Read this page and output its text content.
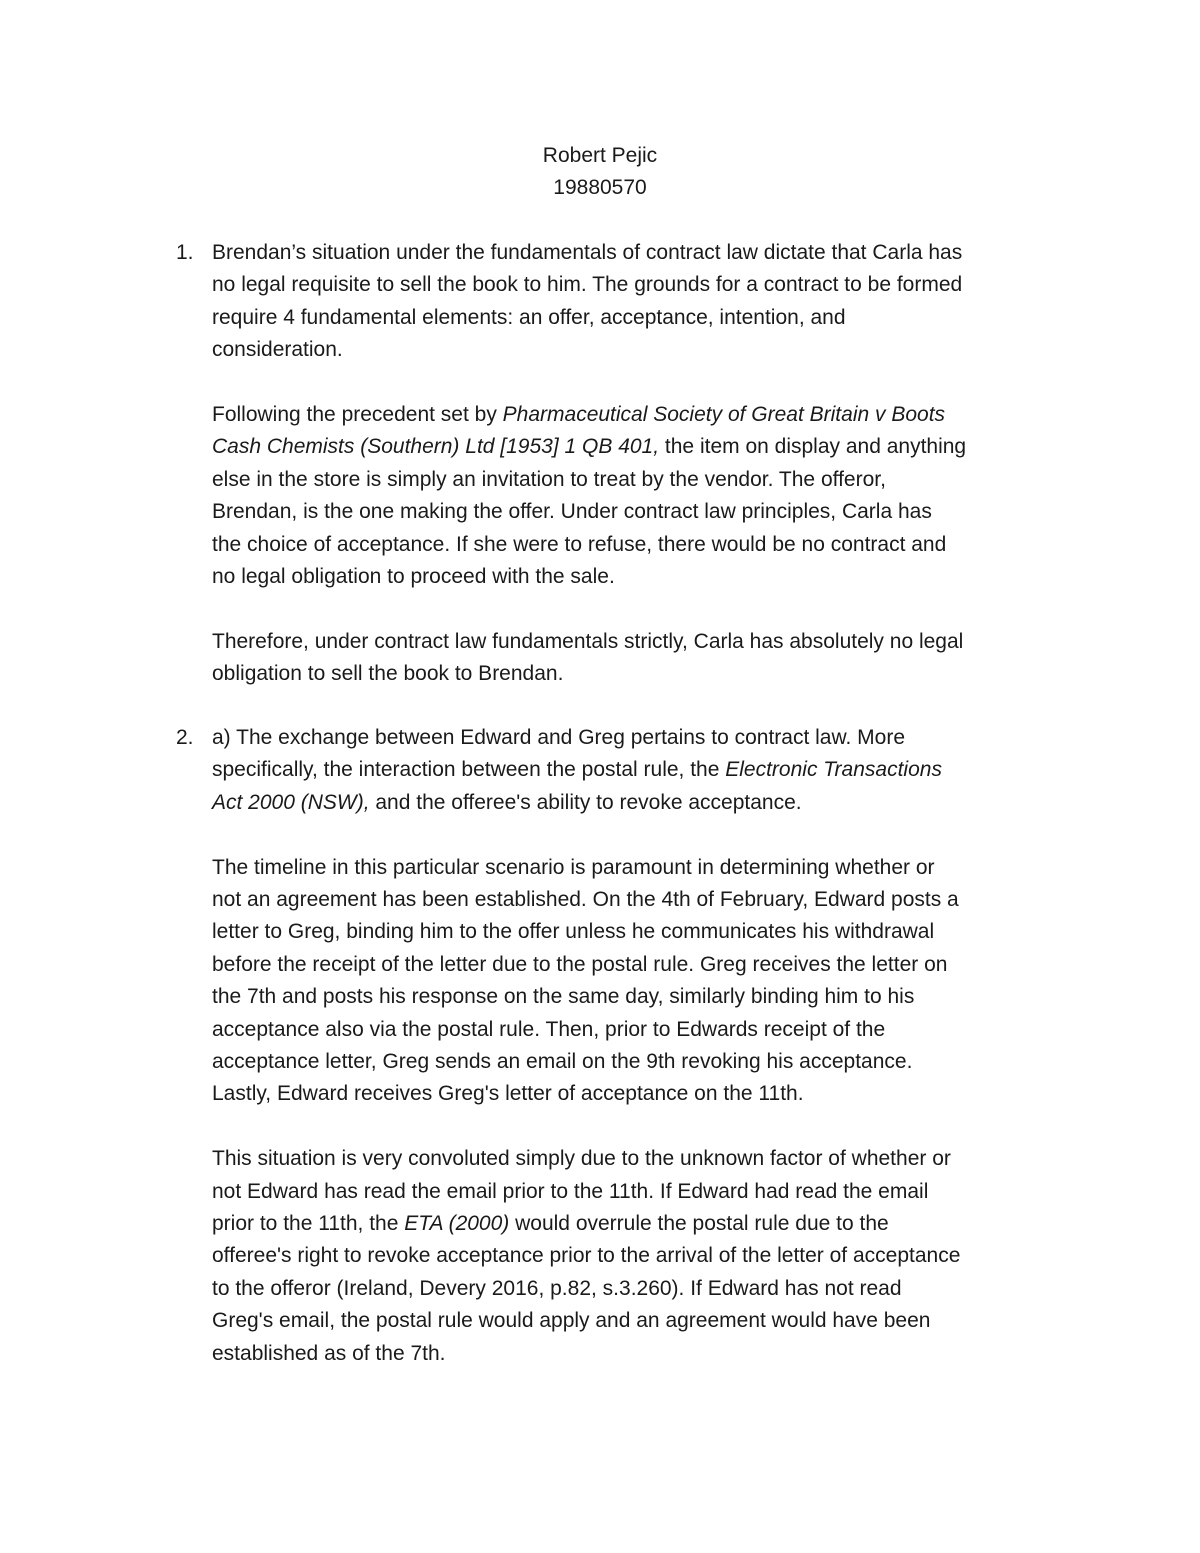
Robert Pejic
19880570
1. Brendan’s situation under the fundamentals of contract law dictate that Carla has
no legal requisite to sell the book to him. The grounds for a contract to be formed
require 4 fundamental elements: an offer, acceptance, intention, and
consideration.
Following the precedent set by Pharmaceutical Society of Great Britain v Boots
Cash Chemists (Southern) Ltd [1953] 1 QB 401, the item on display and anything
else in the store is simply an invitation to treat by the vendor. The offeror,
Brendan, is the one making the offer. Under contract law principles, Carla has
the choice of acceptance. If she were to refuse, there would be no contract and
no legal obligation to proceed with the sale.
Therefore, under contract law fundamentals strictly, Carla has absolutely no legal
obligation to sell the book to Brendan.
2. a) The exchange between Edward and Greg pertains to contract law. More
specifically, the interaction between the postal rule, the Electronic Transactions
Act 2000 (NSW), and the offeree's ability to revoke acceptance.
The timeline in this particular scenario is paramount in determining whether or
not an agreement has been established. On the 4th of February, Edward posts a
letter to Greg, binding him to the offer unless he communicates his withdrawal
before the receipt of the letter due to the postal rule. Greg receives the letter on
the 7th and posts his response on the same day, similarly binding him to his
acceptance also via the postal rule. Then, prior to Edwards receipt of the
acceptance letter, Greg sends an email on the 9th revoking his acceptance.
Lastly, Edward receives Greg's letter of acceptance on the 11th.
This situation is very convoluted simply due to the unknown factor of whether or
not Edward has read the email prior to the 11th. If Edward had read the email
prior to the 11th, the ETA (2000) would overrule the postal rule due to the
offeree's right to revoke acceptance prior to the arrival of the letter of acceptance
to the offeror (Ireland, Devery 2016, p.82, s.3.260). If Edward has not read
Greg's email, the postal rule would apply and an agreement would have been
established as of the 7th.
